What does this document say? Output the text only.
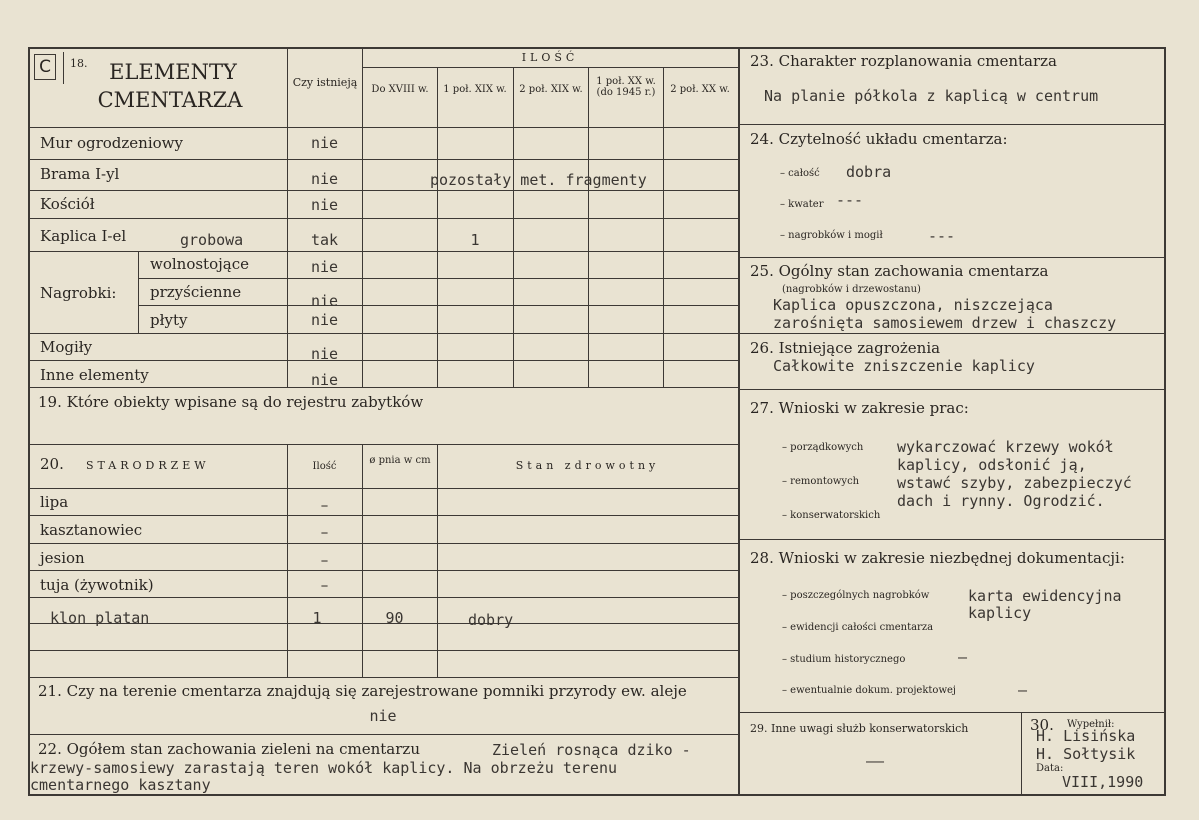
C	18.	ELEMENTY
CMENTARZA
Czy istnieją
ILOŚĆ
Do XVIII w.	1 poł. XIX w. 2 poł. XIX w.
1 poł. XX w. (do 1945 r.)	2 poł. XX w.
Mur ogrodzeniowy	nie
Brama I-yl	nie	pozostały met. fragmenty
Kościół	nie
Kaplica I-el	grobowa	tak	1
Nagrobki:
wolnostojące	nie
przyścienne	nie
płyty	nie
Mogiły	nie
Inne elementy	nie
19. Które obiekty wpisane są do rejestru zabytków
20. STARODRZEW	Ilość
ø pnia w cm	Stan zdrowotny
lipa	–
kasztanowiec	–
jesion	–
tuja (żywotnik)	–
klon platan	1	90	dobry
21. Czy na terenie cmentarza znajdują się zarejestrowane pomniki przyrody ew. aleje
nie
22. Ogółem stan zachowania zieleni na cmentarzu	Zieleń rosnąca dziko -
krzewy-samosiewy zarastają teren wokół kaplicy. Na obrzeżu terenu
cmentarnego kasztany
23. Charakter rozplanowania cmentarza
Na planie półkola z kaplicą w centrum
24. Czytelność układu cmentarza:
– całość dobra
– kwater ---
– nagrobków i mogił	---
25. Ogólny stan zachowania cmentarza
(nagrobków i drzewostanu)
Kaplica opuszczona, niszczejąca
zarośnięta samosiewem drzew i chaszczy
26. Istniejące zagrożenia
Całkowite zniszczenie kaplicy
27. Wnioski w zakresie prac:
– porządkowych
– remontowych
– konserwatorskich
wykarczować krzewy wokół
kaplicy, odsłonić ją,
wstawć szyby, zabezpieczyć
dach i rynny. Ogrodzić.
28. Wnioski w zakresie niezbędnej dokumentacji:
– poszczególnych nagrobków	karta ewidencyjna
kaplicy
– ewidencji całości cmentarza
– studium historycznego	–
– ewentualnie dokum. projektowej	–
29. Inne uwagi służb konserwatorskich
––
30. Wypełnił:
H. Lisińska
H. Sołtysik
Data:
VIII,1990
